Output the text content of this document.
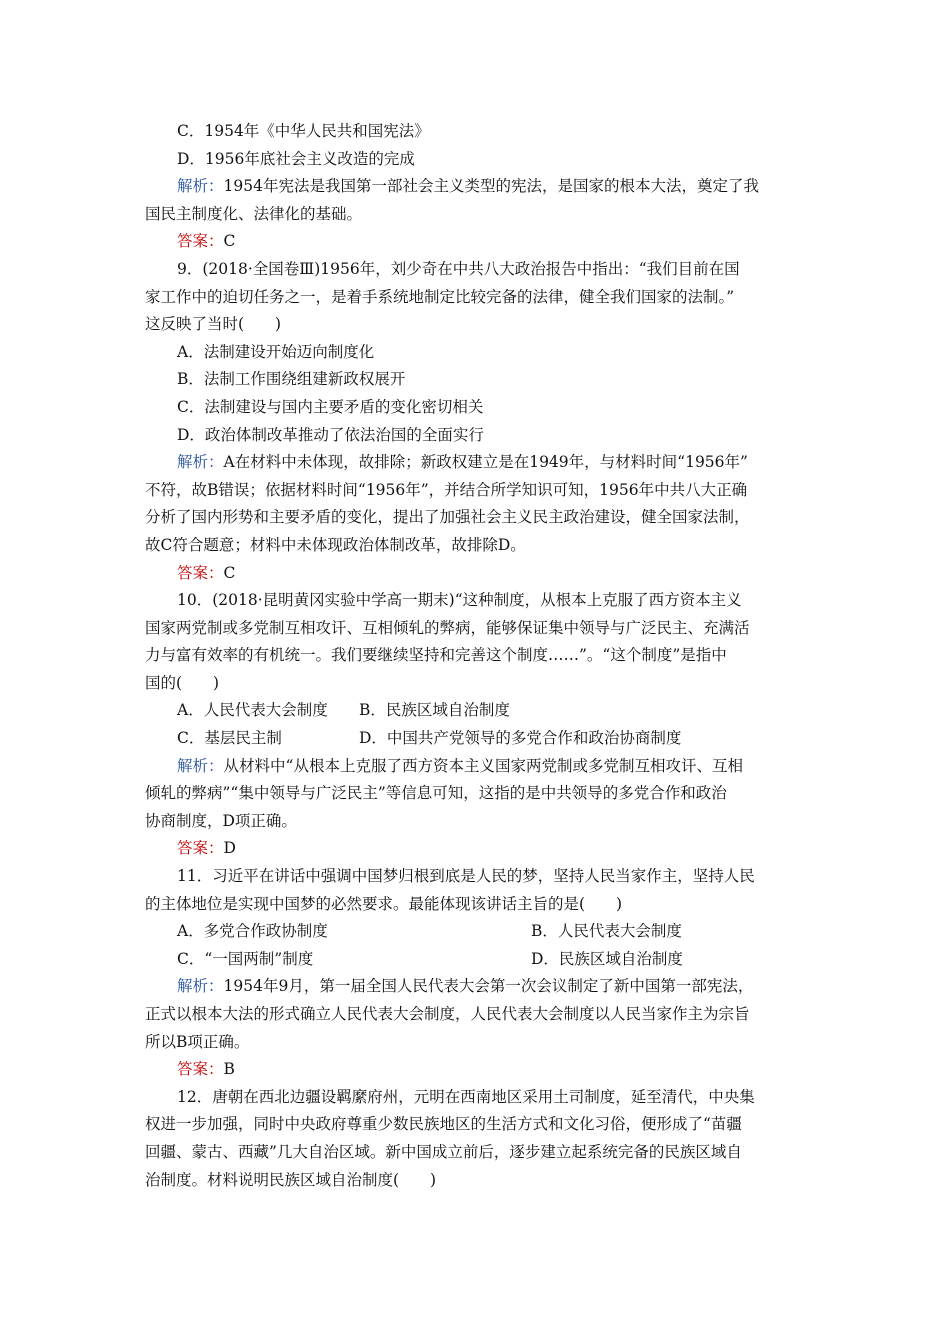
C．1954年《中华人民共和国宪法》
D．1956年底社会主义改造的完成
解析：1954年宪法是我国第一部社会主义类型的宪法，是国家的根本大法，奠定了我
国民主制度化、法律化的基础。
答案：C
9．(2018·全国卷Ⅲ)1956年，刘少奇在中共八大政治报告中指出：“我们目前在国
家工作中的迫切任务之一，是着手系统地制定比较完备的法律，健全我们国家的法制。”
这反映了当时(　　)
A．法制建设开始迈向制度化
B．法制工作围绕组建新政权展开
C．法制建设与国内主要矛盾的变化密切相关
D．政治体制改革推动了依法治国的全面实行
解析：A在材料中未体现，故排除；新政权建立是在1949年，与材料时间“1956年”
不符，故B错误；依据材料时间“1956年”，并结合所学知识可知，1956年中共八大正确
分析了国内形势和主要矛盾的变化，提出了加强社会主义民主政治建设，健全国家法制，
故C符合题意；材料中未体现政治体制改革，故排除D。
答案：C
10．(2018·昆明黄冈实验中学高一期末)“这种制度，从根本上克服了西方资本主义
国家两党制或多党制互相攻讦、互相倾轧的弊病，能够保证集中领导与广泛民主、充满活
力与富有效率的有机统一。我们要继续坚持和完善这个制度……”。“这个制度”是指中
国的(　　)
A．人民代表大会制度	B．民族区域自治制度
C．基层民主制	D．中国共产党领导的多党合作和政治协商制度
解析：从材料中“从根本上克服了西方资本主义国家两党制或多党制互相攻讦、互相
倾轧的弊病”“集中领导与广泛民主”等信息可知，这指的是中共领导的多党合作和政治
协商制度，D项正确。
答案：D
11．习近平在讲话中强调中国梦归根到底是人民的梦，坚持人民当家作主，坚持人民
的主体地位是实现中国梦的必然要求。最能体现该讲话主旨的是(　　)
A．多党合作政协制度	B．人民代表大会制度
C．“一国两制”制度	D．民族区域自治制度
解析：1954年9月，第一届全国人民代表大会第一次会议制定了新中国第一部宪法，
正式以根本大法的形式确立人民代表大会制度，人民代表大会制度以人民当家作主为宗旨
所以B项正确。
答案：B
12．唐朝在西北边疆设羁縻府州，元明在西南地区采用土司制度，延至清代，中央集
权进一步加强，同时中央政府尊重少数民族地区的生活方式和文化习俗，便形成了“苗疆
回疆、蒙古、西藏”几大自治区域。新中国成立前后，逐步建立起系统完备的民族区域自
治制度。材料说明民族区域自治制度(　　)
